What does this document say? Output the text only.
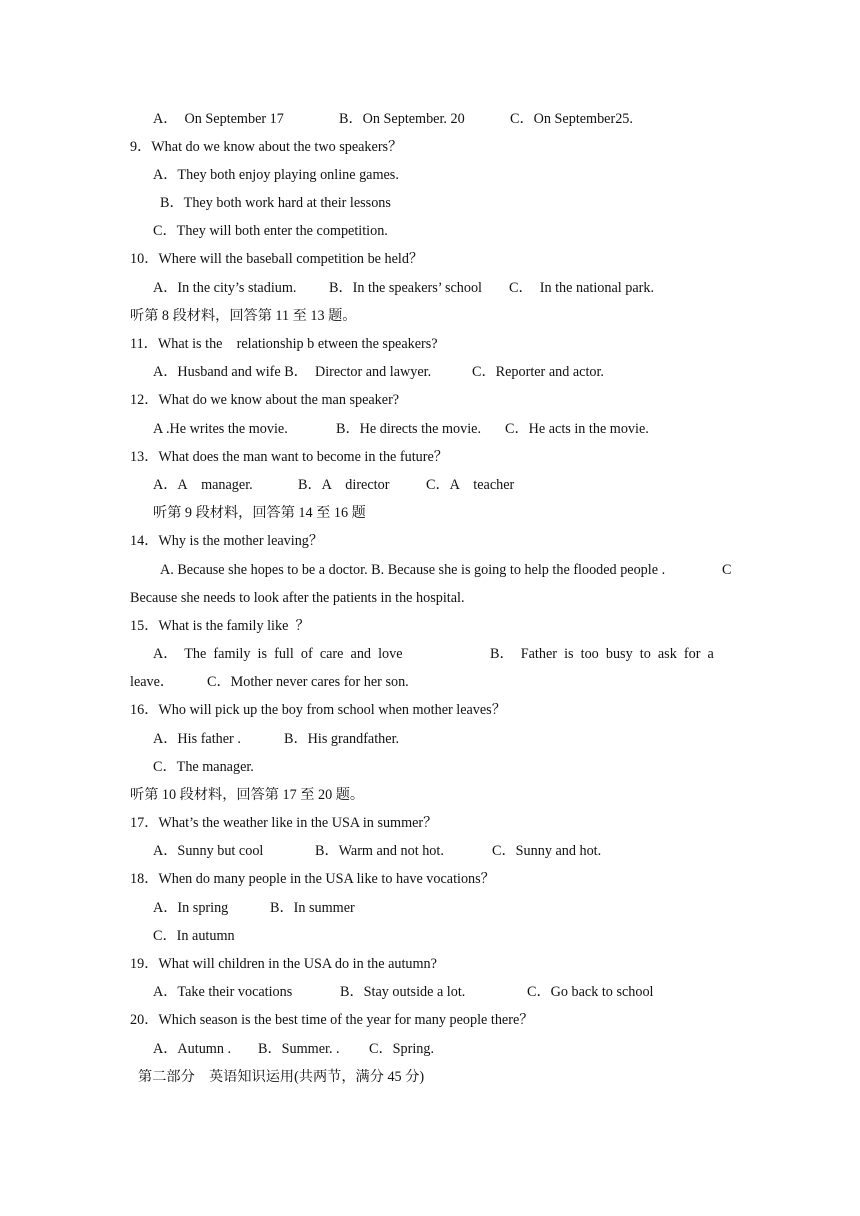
A．  On September 17

	B．On September. 20

	C．On September25.

9．What do we know about the two speakers？
A．They both enjoy playing online games.
B．They both work hard at their lessons
C．They will both enter the competition.
10．Where will the baseball competition be held？

A．In the city’s stadium.

B．In the speakers’ school

C．  In the national park.

听第 8 段材料，回答第 11 至 13 题。
11．What is the    relationship b etween the speakers?

A．Husband and wife B．  Director and lawyer.

	C．Reporter and actor.

12．What do we know about the man speaker?

A .He writes the movie.

	B．He directs the movie.

C．He acts in the movie.

13．What does the man want to become in the future？

A．A    manager.

	B．A    director

	C．A    teacher

听第 9 段材料，回答第 14 至 16 题
14．Why is the mother leaving？

A. Because she hopes to be a doctor. B. Because she is going to help the flooded people .

	C

Because she needs to look after the patients in the hospital.
15．What is the family like  ？

A．  The  family  is  full  of  care  and  love

	B．  Father  is  too  busy  to  ask  for  a

leave．

C．Mother never cares for her son.

16．Who will pick up the boy from school when mother leaves？

A．His father .

	B．His grandfather.

C．The manager.
听第 10 段材料，回答第 17 至 20 题。
17．What’s the weather like in the USA in summer？

A．Sunny but cool

	B．Warm and not hot.

	C．Sunny and hot.

18．When do many people in the USA like to have vocations？

A．In spring

	B．In summer

C．In autumn
19．What will children in the USA do in the autumn?

A．Take their vocations

	B．Stay outside a lot.

	C．Go back to school

20．Which season is the best time of the year for many people there？

A．Autumn .

B．Summer. .

C．Spring.

第二部分    英语知识运用(共两节，满分 45 分)
